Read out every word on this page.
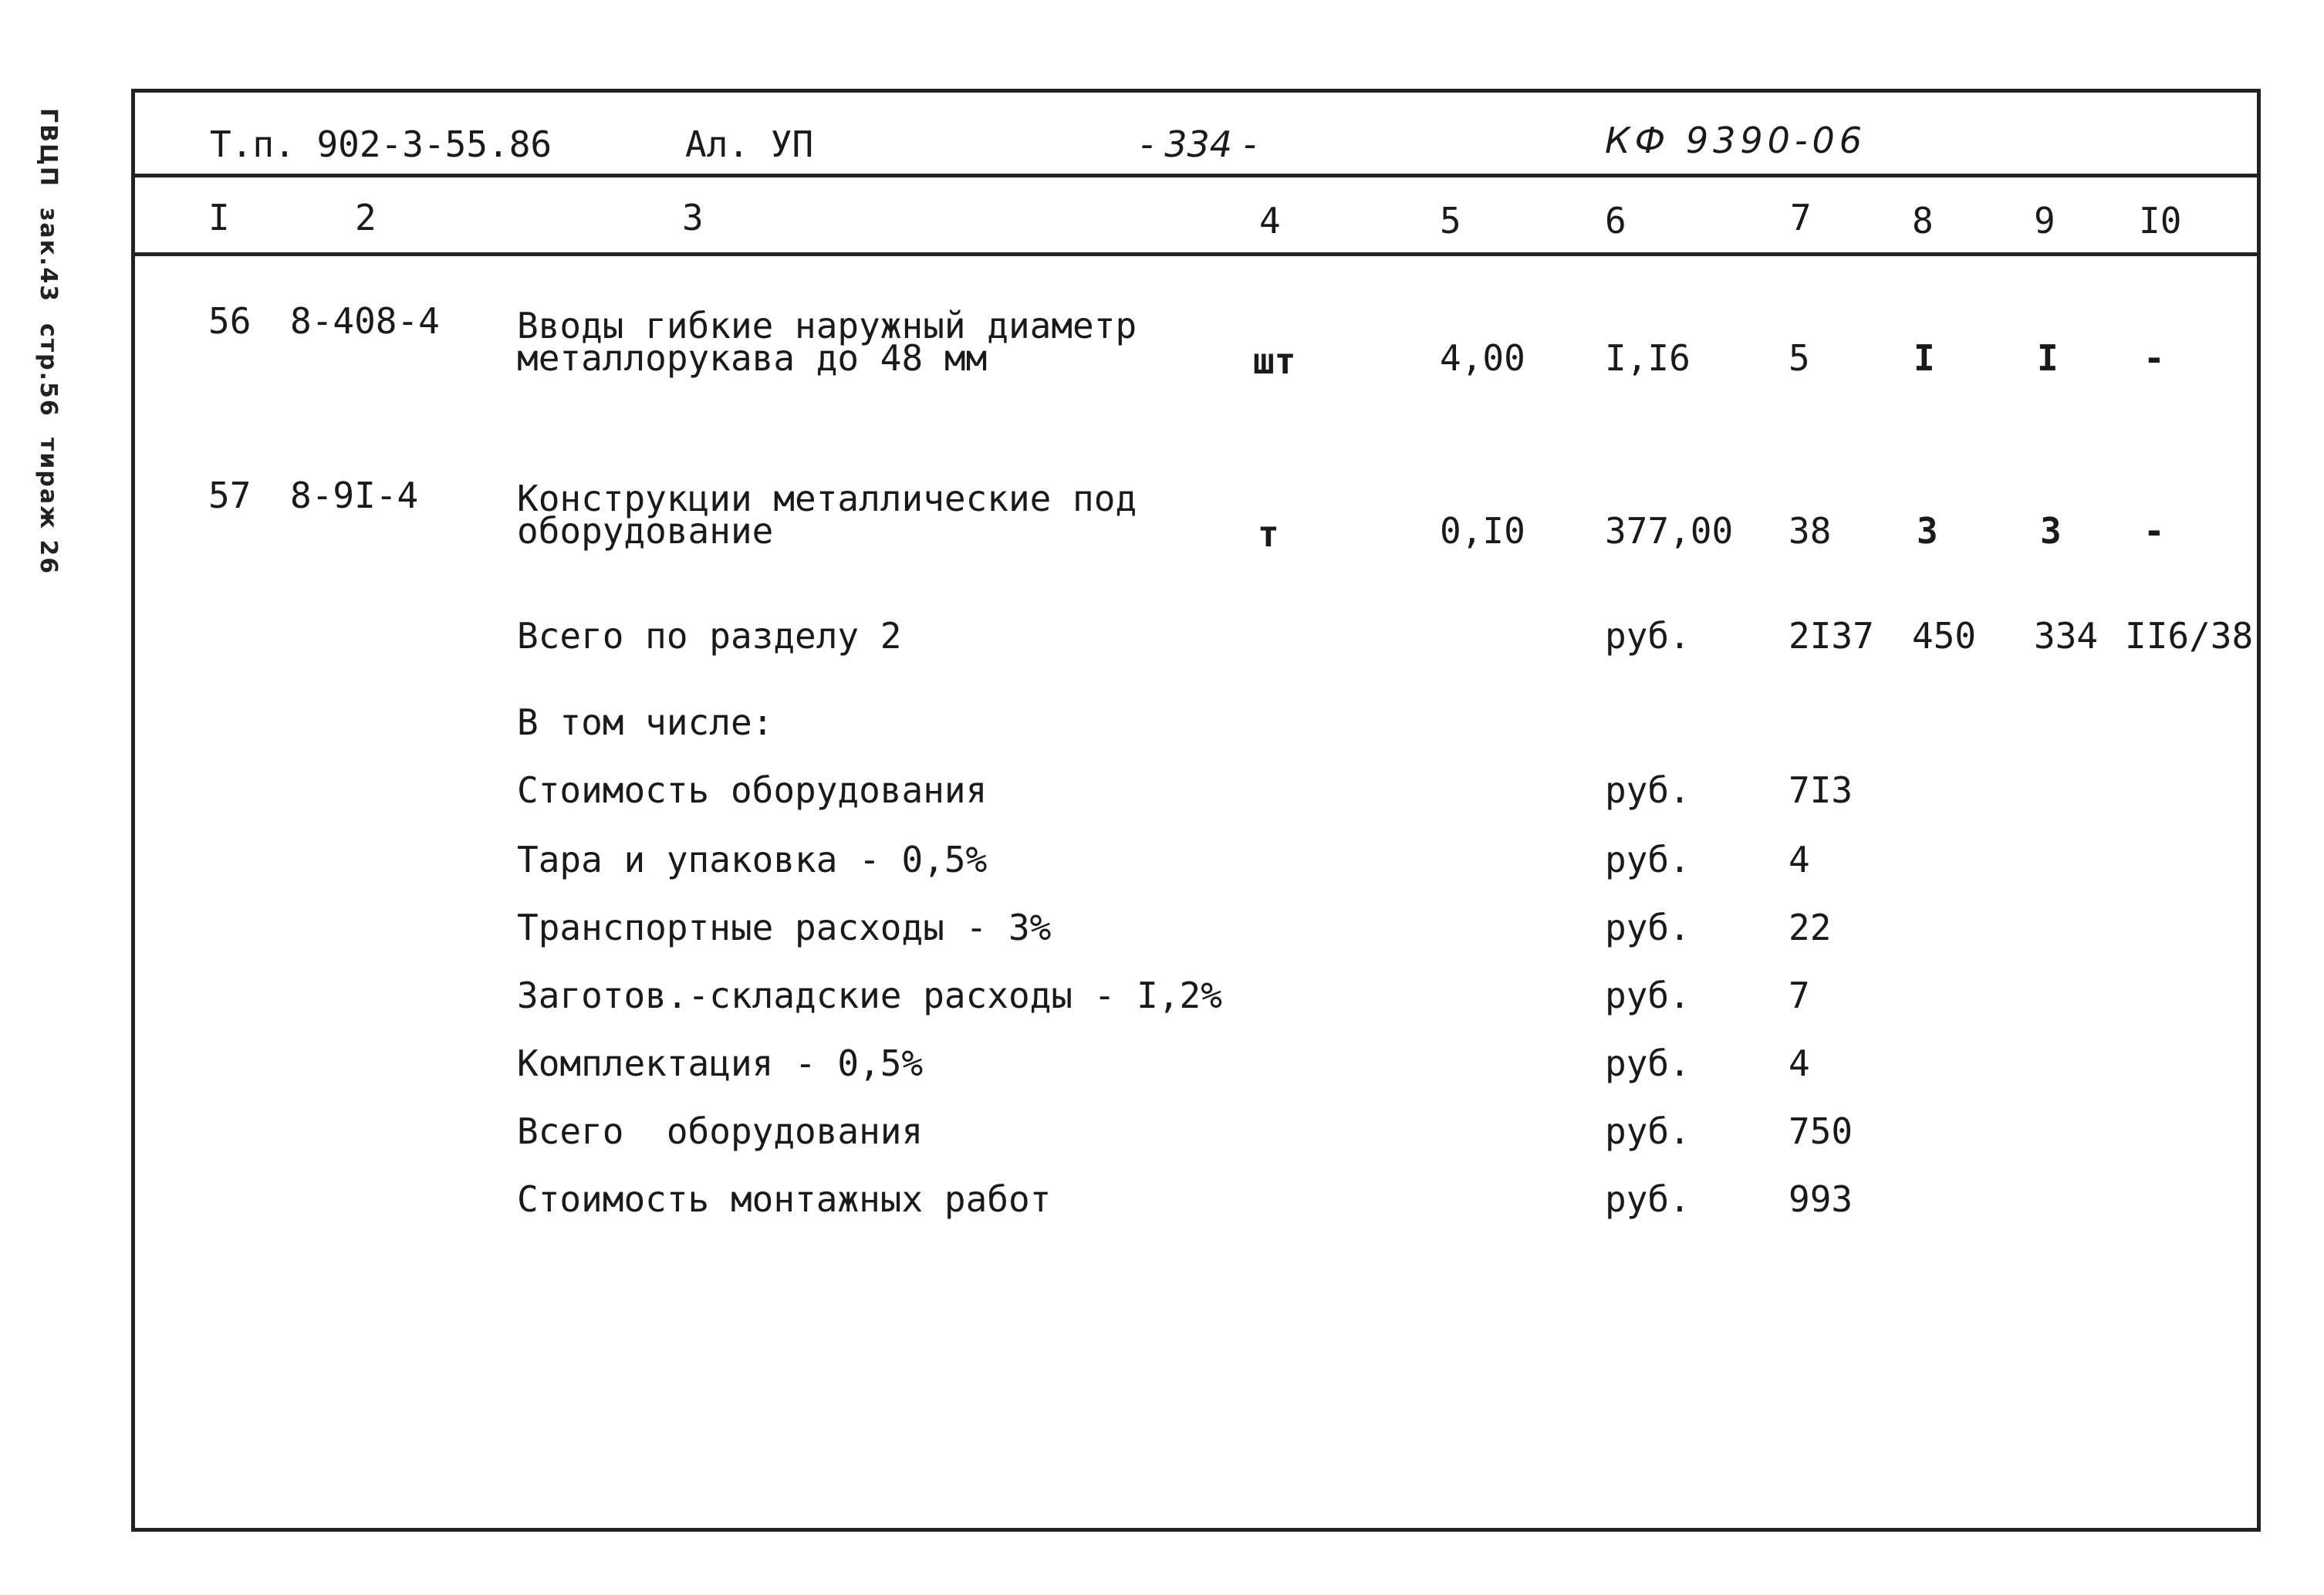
ГВЦП зак.43 стр.56 тираж 26
Т.п. 902-3-55.86	Ал. УП	- 334 -	КФ 9390-06
I	2	3	4	5	6	7	8	9 I0
56 8-408-4 Вводы гибкие наружный диаметр
металлорукава до 48 мм	шт	4,00 I,I6	5	I	I -
57 8-9I-4	Конструкции металлические под
оборудование	т	0,I0 377,00 38 3	3 -
Всего по разделу 2	руб.	2I37 450 334 II6/38
В том числе:
Стоимость оборудования	руб.	7I3
Тара и упаковка - 0,5%	руб.	4
Транспортные расходы - 3%	руб.	22
Заготов.-складские расходы - I,2%	руб.	7
Комплектация - 0,5%	руб.	4
Всего  оборудования	руб.	750
Стоимость монтажных работ	руб.	993
